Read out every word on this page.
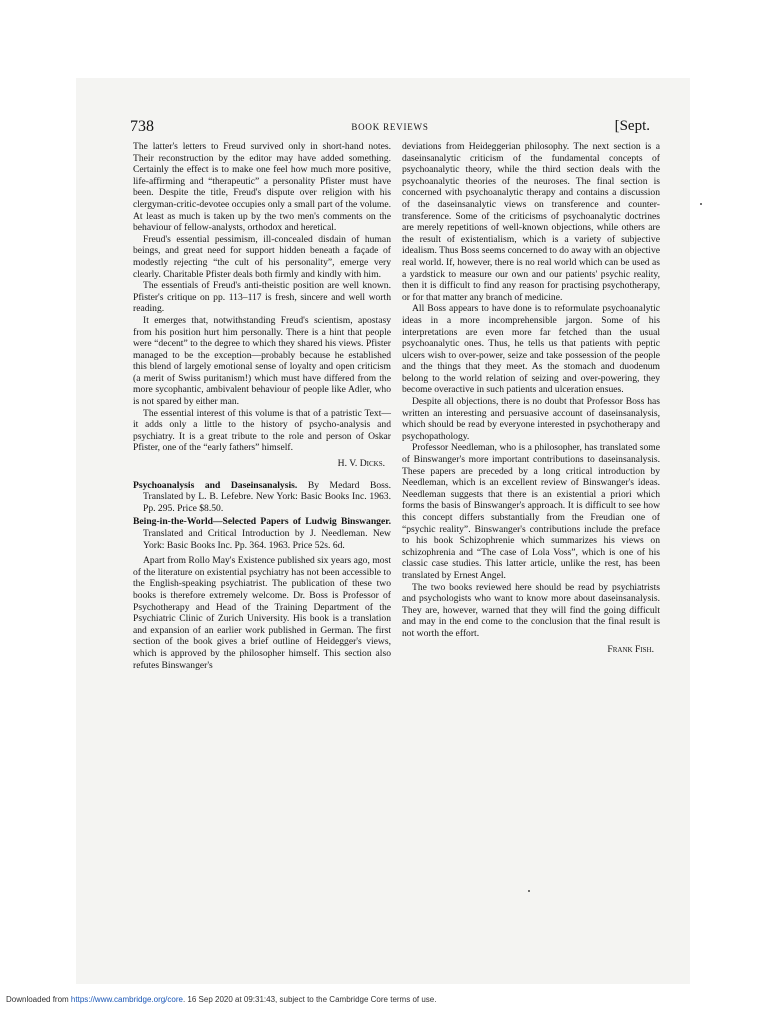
738	BOOK REVIEWS	[Sept.

The latter's letters to Freud survived only in short-hand notes. Their reconstruction by the editor may have added something. Certainly the effect is to make one feel how much more positive, life-affirming and “therapeutic” a personality Pfister must have been. Despite the title, Freud's dispute over religion with his clergyman-critic-devotee occupies only a small part of the volume. At least as much is taken up by the two men's comments on the behaviour of fellow-analysts, orthodox and heretical.

Freud's essential pessimism, ill-concealed disdain of human beings, and great need for support hidden beneath a façade of modestly rejecting “the cult of his personality”, emerge very clearly. Charitable Pfister deals both firmly and kindly with him.

The essentials of Freud's anti-theistic position are well known. Pfister's critique on pp. 113–117 is fresh, sincere and well worth reading.

It emerges that, notwithstanding Freud's scientism, apostasy from his position hurt him personally. There is a hint that people were “decent” to the degree to which they shared his views. Pfister managed to be the exception—probably because he established this blend of largely emotional sense of loyalty and open criticism (a merit of Swiss puritanism!) which must have differed from the more sycophantic, ambivalent behaviour of people like Adler, who is not spared by either man.

The essential interest of this volume is that of a patristic Text—it adds only a little to the history of psycho-analysis and psychiatry. It is a great tribute to the role and person of Oskar Pfister, one of the “early fathers” himself.

H. V. Dicks.
Psychoanalysis and Daseinsanalysis. By Medard Boss. Translated by L. B. Lefebre. New York: Basic Books Inc. 1963. Pp. 295. Price $8.50.
Being-in-the-World—Selected Papers of Ludwig Binswanger. Translated and Critical Introduction by J. Needleman. New York: Basic Books Inc. Pp. 364. 1963. Price 52s. 6d.

Apart from Rollo May's Existence published six years ago, most of the literature on existential psychiatry has not been accessible to the English-speaking psychiatrist. The publication of these two books is therefore extremely welcome. Dr. Boss is Professor of Psychotherapy and Head of the Training Department of the Psychiatric Clinic of Zurich University. His book is a translation and expansion of an earlier work published in German. The first section of the book gives a brief outline of Heidegger's views, which is approved by the philosopher himself. This section also refutes Binswanger's

deviations from Heideggerian philosophy. The next section is a daseinsanalytic criticism of the fundamental concepts of psychoanalytic theory, while the third section deals with the psychoanalytic theories of the neuroses. The final section is concerned with psychoanalytic therapy and contains a discussion of the daseinsanalytic views on transference and counter-transference. Some of the criticisms of psychoanalytic doctrines are merely repetitions of well-known objections, while others are the result of existentialism, which is a variety of subjective idealism. Thus Boss seems concerned to do away with an objective real world. If, however, there is no real world which can be used as a yardstick to measure our own and our patients' psychic reality, then it is difficult to find any reason for practising psychotherapy, or for that matter any branch of medicine.

All Boss appears to have done is to reformulate psychoanalytic ideas in a more incomprehensible jargon. Some of his interpretations are even more far fetched than the usual psychoanalytic ones. Thus, he tells us that patients with peptic ulcers wish to over-power, seize and take possession of the people and the things that they meet. As the stomach and duodenum belong to the world relation of seizing and over-powering, they become overactive in such patients and ulceration ensues.

Despite all objections, there is no doubt that Professor Boss has written an interesting and persuasive account of daseinsanalysis, which should be read by everyone interested in psychotherapy and psychopathology.

Professor Needleman, who is a philosopher, has translated some of Binswanger's more important contributions to daseinsanalysis. These papers are preceded by a long critical introduction by Needleman, which is an excellent review of Binswanger's ideas. Needleman suggests that there is an existential a priori which forms the basis of Binswanger's approach. It is difficult to see how this concept differs substantially from the Freudian one of “psychic reality”. Binswanger's contributions include the preface to his book Schizophrenie which summarizes his views on schizophrenia and “The case of Lola Voss”, which is one of his classic case studies. This latter article, unlike the rest, has been translated by Ernest Angel.

The two books reviewed here should be read by psychiatrists and psychologists who want to know more about daseinsanalysis. They are, however, warned that they will find the going difficult and may in the end come to the conclusion that the final result is not worth the effort.

Frank Fish.
Downloaded from https://www.cambridge.org/core. 16 Sep 2020 at 09:31:43, subject to the Cambridge Core terms of use.
